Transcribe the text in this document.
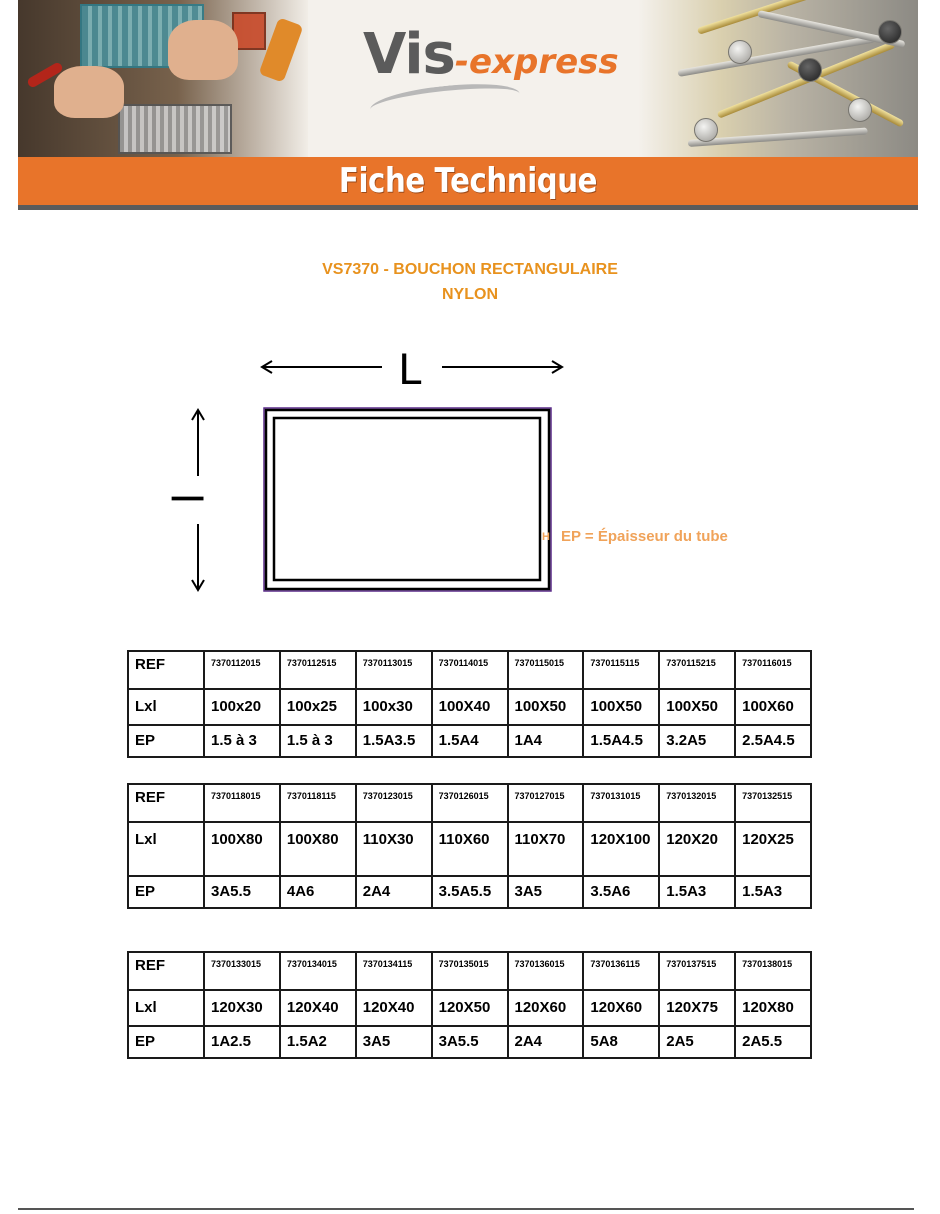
Vis-express
Fiche Technique
VS7370 - BOUCHON RECTANGULAIRE
NYLON
L
l
H EP = Épaisseur du tube
REF	7370112015	7370112515	7370113015	7370114015	7370115015	7370115115	7370115215	7370116015
Lxl	100x20	100x25	100x30	100X40	100X50	100X50	100X50	100X60
EP	1.5 à 3	1.5 à 3	1.5A3.5	1.5A4	1A4	1.5A4.5	3.2A5	2.5A4.5
REF	7370118015	7370118115	7370123015	7370126015	7370127015	7370131015	7370132015	7370132515
Lxl	100X80	100X80	110X30	110X60	110X70	120X100	120X20	120X25
EP	3A5.5	4A6	2A4	3.5A5.5	3A5	3.5A6	1.5A3	1.5A3
REF	7370133015	7370134015	7370134115	7370135015	7370136015	7370136115	7370137515	7370138015
Lxl	120X30	120X40	120X40	120X50	120X60	120X60	120X75	120X80
EP	1A2.5	1.5A2	3A5	3A5.5	2A4	5A8	2A5	2A5.5
